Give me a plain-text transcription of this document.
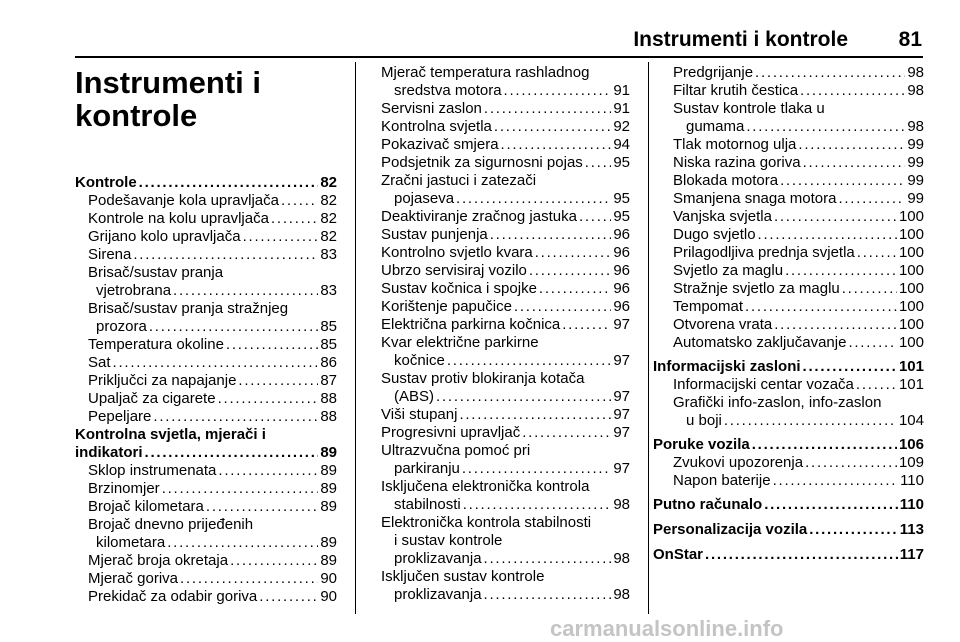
Instrumenti i kontrole 81
Instrumenti i
kontrole
Kontrole . . .	82
Podešavanje kola upravljača . . .	82
Kontrole na kolu upravljača . . .	82
Grijano kolo upravljača . . .	82
Sirena . . .	83
Brisač/sustav pranja
vjetrobrana . . .	83
Brisač/sustav pranja stražnjeg
prozora . . .	85
Temperatura okoline . . .	85
Sat . . .	86
Priključci za napajanje . . .	87
Upaljač za cigarete . . .	88
Pepeljare . . .	88
Kontrolna svjetla, mjerači i
indikatori . . .	89
Sklop instrumenata . . .	89
Brzinomjer . . .	89
Brojač kilometara . . .	89
Brojač dnevno prijeđenih
kilometara . . .	89
Mjerač broja okretaja . . .	89
Mjerač goriva . . .	90
Prekidač za odabir goriva . . .	90
Mjerač temperatura rashladnog
sredstva motora . . .	91
Servisni zaslon . . .	91
Kontrolna svjetla . . .	92
Pokazivač smjera . . .	94
Podsjetnik za sigurnosni pojas . . . 95
Zračni jastuci i zatezači
pojaseva . . .	95
Deaktiviranje zračnog jastuka . . . 95
Sustav punjenja . . .	96
Kontrolno svjetlo kvara . . .	96
Ubrzo servisiraj vozilo . . .	96
Sustav kočnica i spojke . . .	96
Korištenje papučice . . .	96
Električna parkirna kočnica . . .	97
Kvar električne parkirne
kočnice . . .	97
Sustav protiv blokiranja kotača
(ABS) . . .	97
Viši stupanj . . .	97
Progresivni upravljač . . .	97
Ultrazvučna pomoć pri
parkiranju . . .	97
Isključena elektronička kontrola
stabilnosti . . .	98
Elektronička kontrola stabilnosti
i sustav kontrole
proklizavanja . . .	98
Isključen sustav kontrole
proklizavanja . . .	98
Predgrijanje . . .	98
Filtar krutih čestica . . .	98
Sustav kontrole tlaka u
gumama . . .	98
Tlak motornog ulja . . .	99
Niska razina goriva . . .	99
Blokada motora . . .	99
Smanjena snaga motora . . .	99
Vanjska svjetla . . .	100
Dugo svjetlo . . .	100
Prilagodljiva prednja svjetla . . .	100
Svjetlo za maglu . . .	100
Stražnje svjetlo za maglu . . .	100
Tempomat . . .	100
Otvorena vrata . . .	100
Automatsko zaključavanje . . .	100
Informacijski zasloni . . .	101
Informacijski centar vozača . . .	101
Grafički info-zaslon, info-zaslon
u boji . . .	104
Poruke vozila . . .	106
Zvukovi upozorenja . . .	109
Napon baterije . . .	110
Putno računalo . . .	110
Personalizacija vozila . . .	113
OnStar . . .	117
carmanualsonline.info
